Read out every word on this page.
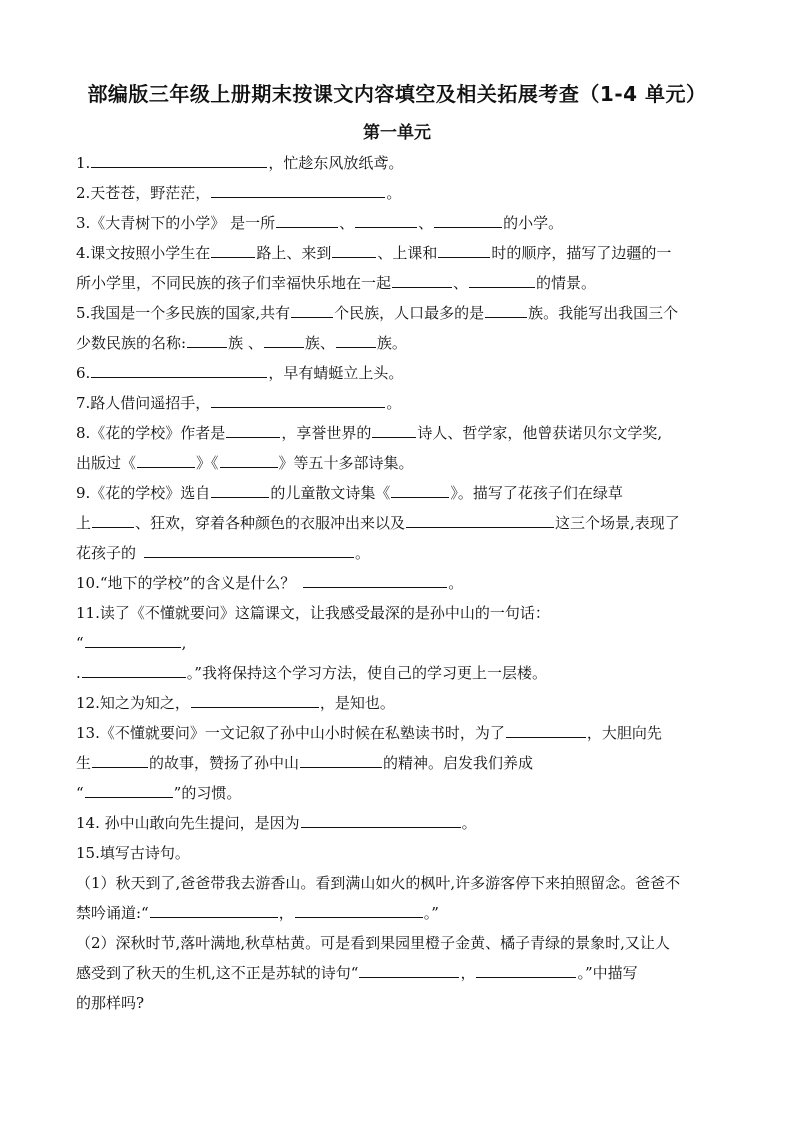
部编版三年级上册期末按课文内容填空及相关拓展考查（1-4 单元）
第一单元
1.	，忙趁东风放纸鸢。
2.天苍苍，野茫茫，	。
3.《大青树下的小学》 是一所	、	、	的小学。
4.课文按照小学生在	路上、来到	、上课和	时的顺序，描写了边疆的一
所小学里，不同民族的孩子们幸福快乐地在一起	、	的情景。
5.我国是一个多民族的国家,共有	个民族，人口最多的是	族。我能写出我国三个
少数民族的名称:	族 、	族、	族。
6.	，早有蜻蜓立上头。
7.路人借问遥招手，	。
8.《花的学校》作者是	，享誉世界的	诗人、哲学家，他曾获诺贝尔文学奖,
出版过《	》《	》等五十多部诗集。
9.《花的学校》选自	的儿童散文诗集《	》。描写了花孩子们在绿草
上	、狂欢，穿着各种颜色的衣服冲出来以及	这三个场景,表现了
花孩子的	。
10.“地下的学校”的含义是什么？	。
11.读了《不懂就要问》这篇课文，让我感受最深的是孙中山的一句话：
“	,
.	。”我将保持这个学习方法，使自己的学习更上一层楼。
12.知之为知之，	，是知也。
13.《不懂就要问》一文记叙了孙中山小时候在私塾读书时，为了	，大胆向先
生	的故事，赞扬了孙中山	的精神。启发我们养成
“	”的习惯。
14. 孙中山敢向先生提问，是因为	。
15.填写古诗句。
（1）秋天到了,爸爸带我去游香山。看到满山如火的枫叶,许多游客停下来拍照留念。爸爸不
禁吟诵道:“	，	。”
（2）深秋时节,落叶满地,秋草枯黄。可是看到果园里橙子金黄、橘子青绿的景象时,又让人
感受到了秋天的生机,这不正是苏轼的诗句“	，	。”中描写
的那样吗?
